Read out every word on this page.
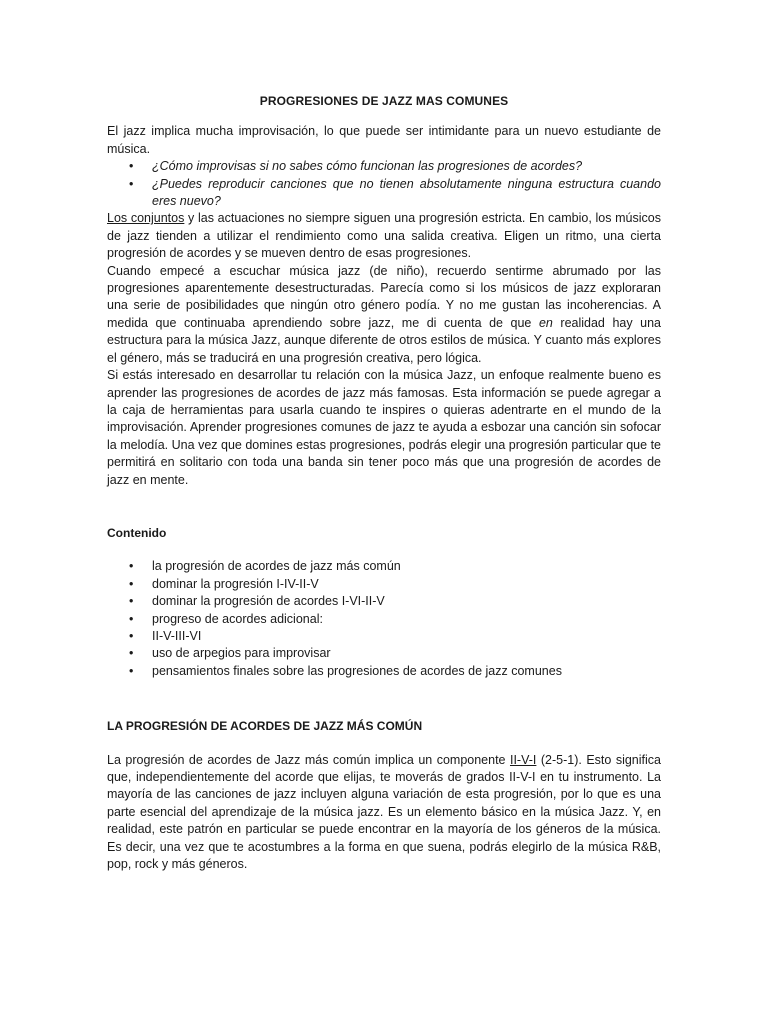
PROGRESIONES DE JAZZ MAS COMUNES

El jazz implica mucha improvisación, lo que puede ser intimidante para un nuevo estudiante de música.

• ¿Cómo improvisas si no sabes cómo funcionan las progresiones de acordes?
• ¿Puedes reproducir canciones que no tienen absolutamente ninguna estructura cuando eres nuevo?

Los conjuntos y las actuaciones no siempre siguen una progresión estricta. En cambio, los músicos de jazz tienden a utilizar el rendimiento como una salida creativa. Eligen un ritmo, una cierta progresión de acordes y se mueven dentro de esas progresiones.

Cuando empecé a escuchar música jazz (de niño), recuerdo sentirme abrumado por las progresiones aparentemente desestructuradas. Parecía como si los músicos de jazz exploraran una serie de posibilidades que ningún otro género podía. Y no me gustan las incoherencias. A medida que continuaba aprendiendo sobre jazz, me di cuenta de que en realidad hay una estructura para la música Jazz, aunque diferente de otros estilos de música. Y cuanto más explores el género, más se traducirá en una progresión creativa, pero lógica.

Si estás interesado en desarrollar tu relación con la música Jazz, un enfoque realmente bueno es aprender las progresiones de acordes de jazz más famosas. Esta información se puede agregar a la caja de herramientas para usarla cuando te inspires o quieras adentrarte en el mundo de la improvisación. Aprender progresiones comunes de jazz te ayuda a esbozar una canción sin sofocar la melodía. Una vez que domines estas progresiones, podrás elegir una progresión particular que te permitirá en solitario con toda una banda sin tener poco más que una progresión de acordes de jazz en mente.

Contenido
• la progresión de acordes de jazz más común
• dominar la progresión I-IV-II-V
• dominar la progresión de acordes I-VI-II-V
• progreso de acordes adicional:
• II-V-III-VI
• uso de arpegios para improvisar
• pensamientos finales sobre las progresiones de acordes de jazz comunes
LA PROGRESIÓN DE ACORDES DE JAZZ MÁS COMÚN

La progresión de acordes de Jazz más común implica un componente II-V-I (2-5-1). Esto significa que, independientemente del acorde que elijas, te moverás de grados II-V-I en tu instrumento. La mayoría de las canciones de jazz incluyen alguna variación de esta progresión, por lo que es una parte esencial del aprendizaje de la música jazz. Es un elemento básico en la música Jazz. Y, en realidad, este patrón en particular se puede encontrar en la mayoría de los géneros de la música. Es decir, una vez que te acostumbres a la forma en que suena, podrás elegirlo de la música R&B, pop, rock y más géneros.
